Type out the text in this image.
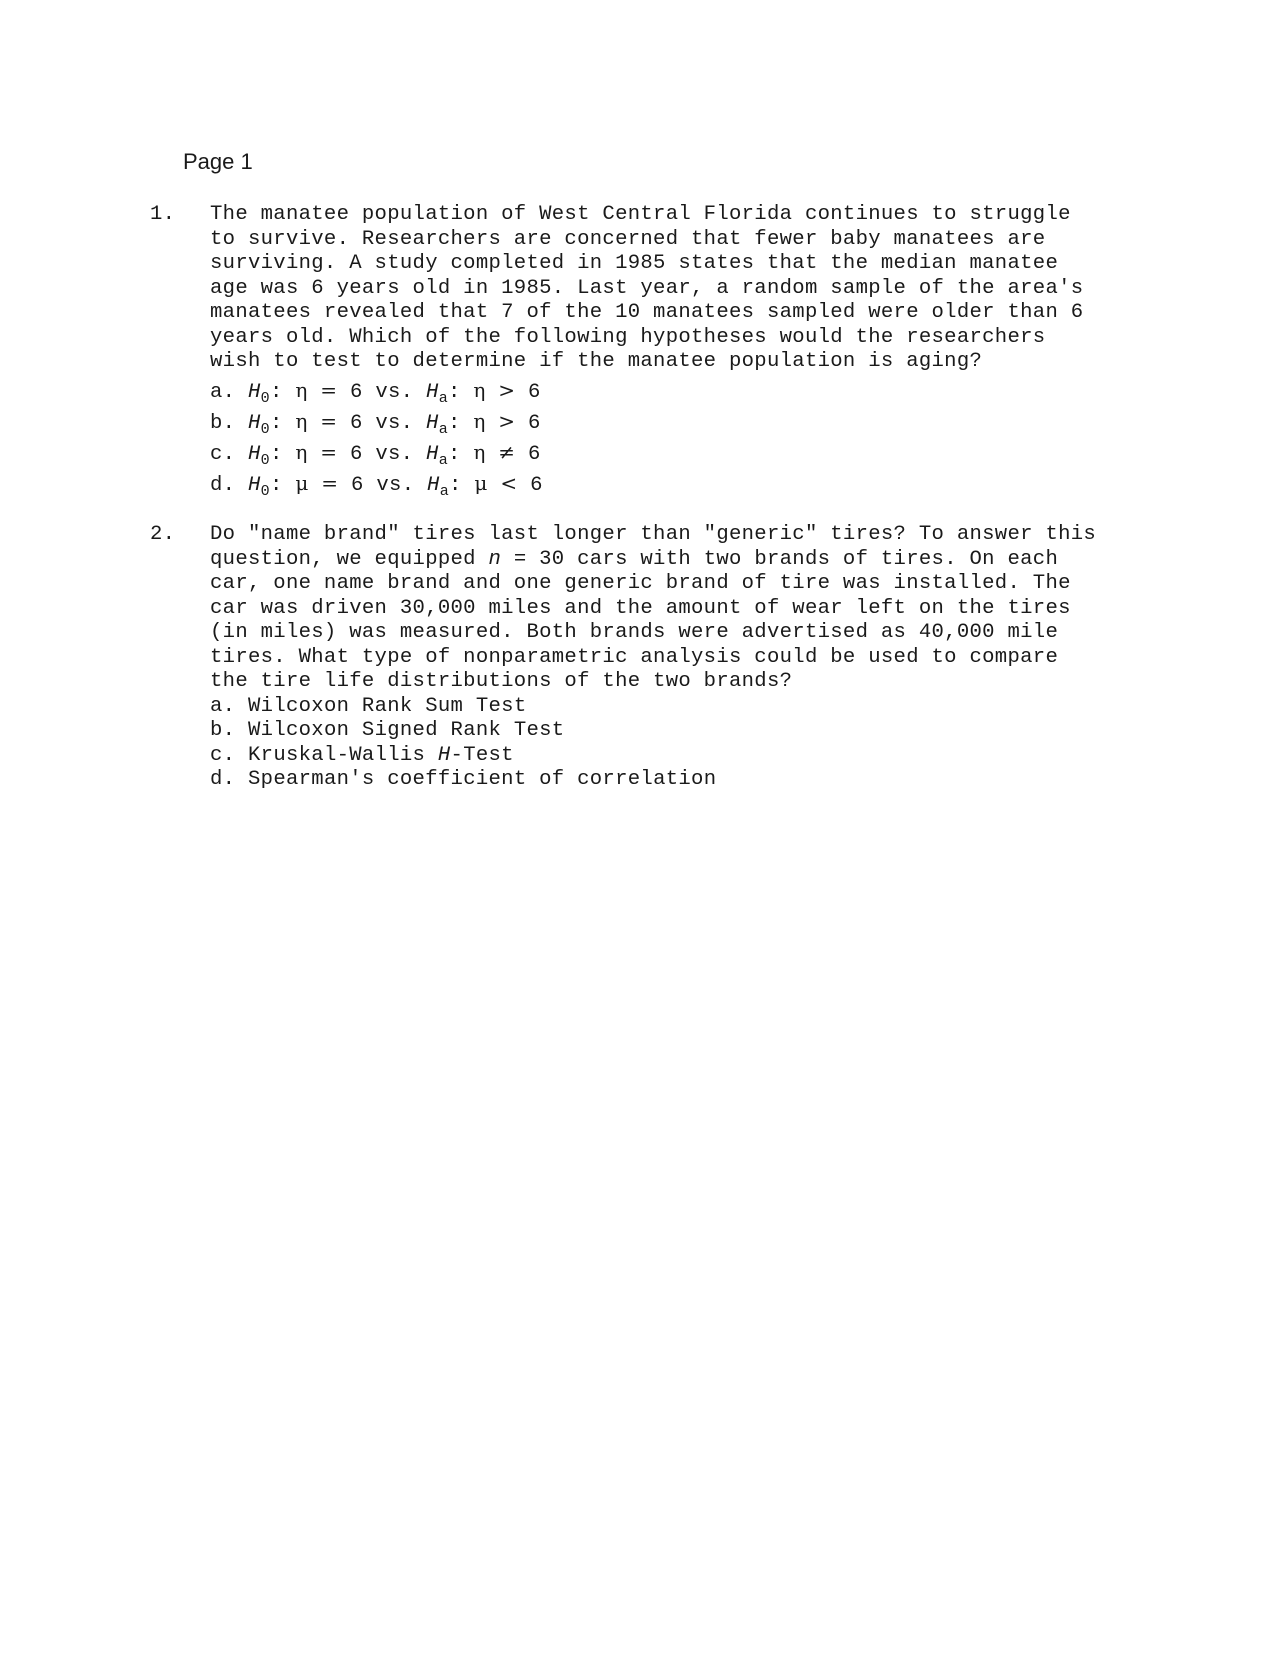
Page 1
1. The manatee population of West Central Florida continues to struggle
to survive. Researchers are concerned that fewer baby manatees are
surviving. A study completed in 1985 states that the median manatee
age was 6 years old in 1985. Last year, a random sample of the area's
manatees revealed that 7 of the 10 manatees sampled were older than 6
years old. Which of the following hypotheses would the researchers
wish to test to determine if the manatee population is aging?
a. $H_0$: η = 6 vs. $H_a$: η > 6
b. $H_0$: η = 6 vs. $H_a$: η > 6
c. $H_0$: η = 6 vs. $H_a$: η ≠ 6
d. $H_0$: μ = 6 vs. $H_a$: μ < 6
2. Do "name brand" tires last longer than "generic" tires? To answer this
question, we equipped n = 30 cars with two brands of tires. On each
car, one name brand and one generic brand of tire was installed. The
car was driven 30,000 miles and the amount of wear left on the tires
(in miles) was measured. Both brands were advertised as 40,000 mile
tires. What type of nonparametric analysis could be used to compare
the tire life distributions of the two brands?
a. Wilcoxon Rank Sum Test
b. Wilcoxon Signed Rank Test
c. Kruskal-Wallis H-Test
d. Spearman's coefficient of correlation
